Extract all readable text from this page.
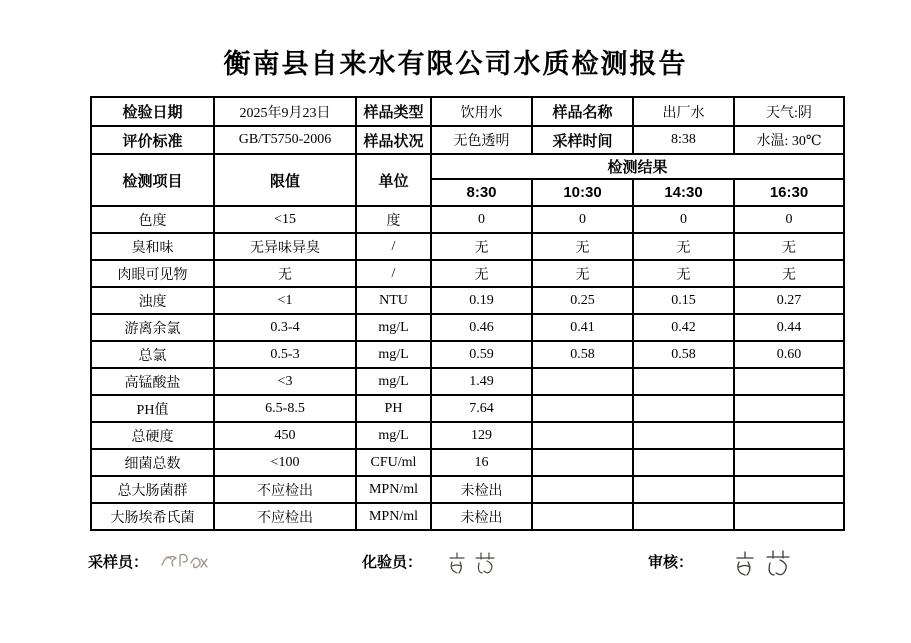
衡南县自来水有限公司水质检测报告
检验日期	2025年9月23日	样品类型	饮用水	样品名称	出厂水	天气:阴
评价标准	GB/T5750-2006	样品状况	无色透明	采样时间	8:38	水温: 30℃
检测项目	限值	单位	检测结果			
			8:30	10:30	14:30	16:30
色度	<15	度	0	0	0	0
臭和味	无异味异臭	/	无	无	无	无
肉眼可见物	无	/	无	无	无	无
浊度	<1	NTU	0.19	0.25	0.15	0.27
游离余氯	0.3-4	mg/L	0.46	0.41	0.42	0.44
总氯	0.5-3	mg/L	0.59	0.58	0.58	0.60
高锰酸盐	<3	mg/L	1.49			
PH值	6.5-8.5	PH	7.64			
总硬度	450	mg/L	129			
细菌总数	<100	CFU/ml	16			
总大肠菌群	不应检出	MPN/ml	未检出			
大肠埃希氏菌	不应检出	MPN/ml	未检出			
采样员：	化验员：	审核：
